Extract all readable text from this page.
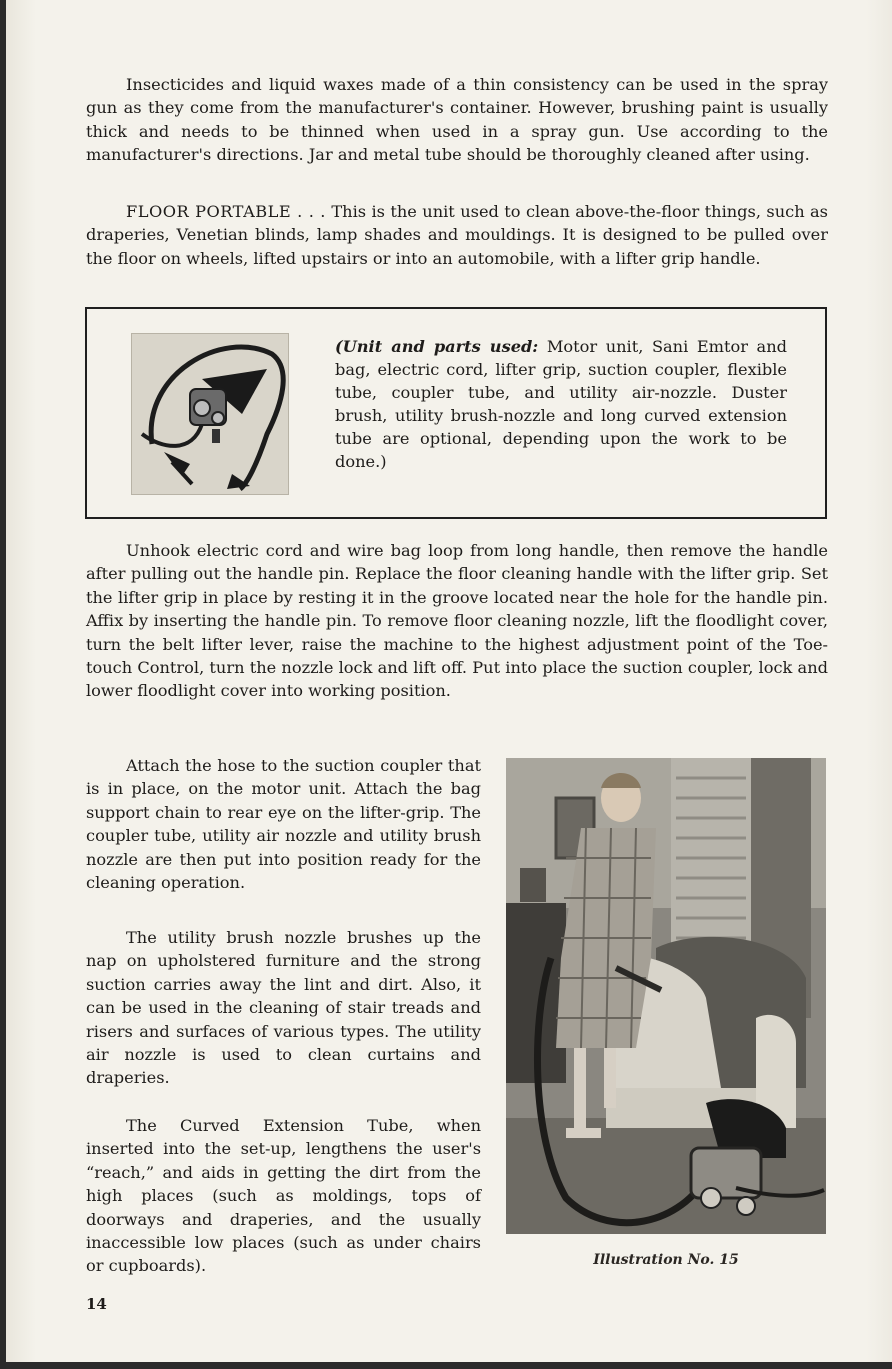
Insecticides and liquid waxes made of a thin consistency can be used in the spray gun as they come from the manufacturer's container. However, brushing paint is usually thick and needs to be thinned when used in a spray gun. Use according to the manufacturer's directions. Jar and metal tube should be thoroughly cleaned after using.

FLOOR PORTABLE . . . This is the unit used to clean above-the-floor things, such as draperies, Venetian blinds, lamp shades and mouldings. It is designed to be pulled over the floor on wheels, lifted upstairs or into an automobile, with a lifter grip handle.

(Unit and parts used: Motor unit, Sani Emtor and bag, electric cord, lifter grip, suction coupler, flexible tube, coupler tube, and utility air-nozzle. Duster brush, utility brush-nozzle and long curved extension tube are optional, depending upon the work to be done.)

Unhook electric cord and wire bag loop from long handle, then remove the handle after pulling out the handle pin. Replace the floor cleaning handle with the lifter grip. Set the lifter grip in place by resting it in the groove located near the hole for the handle pin. Affix by inserting the handle pin. To remove floor cleaning nozzle, lift the floodlight cover, turn the belt lifter lever, raise the machine to the highest adjustment point of the Toe-touch Control, turn the nozzle lock and lift off. Put into place the suction coupler, lock and lower floodlight cover into working position.

Attach the hose to the suction coupler that is in place, on the motor unit. Attach the bag support chain to rear eye on the lifter-grip. The coupler tube, utility air nozzle and utility brush nozzle are then put into position ready for the cleaning operation.

The utility brush nozzle brushes up the nap on upholstered furniture and the strong suction carries away the lint and dirt. Also, it can be used in the cleaning of stair treads and risers and surfaces of various types. The utility air nozzle is used to clean curtains and draperies.

The Curved Extension Tube, when inserted into the set-up, lengthens the user's “reach,” and aids in getting the dirt from the high places (such as moldings, tops of doorways and draperies, and the usually inaccessible low places (such as under chairs or cupboards).	Illustration No. 15
14
